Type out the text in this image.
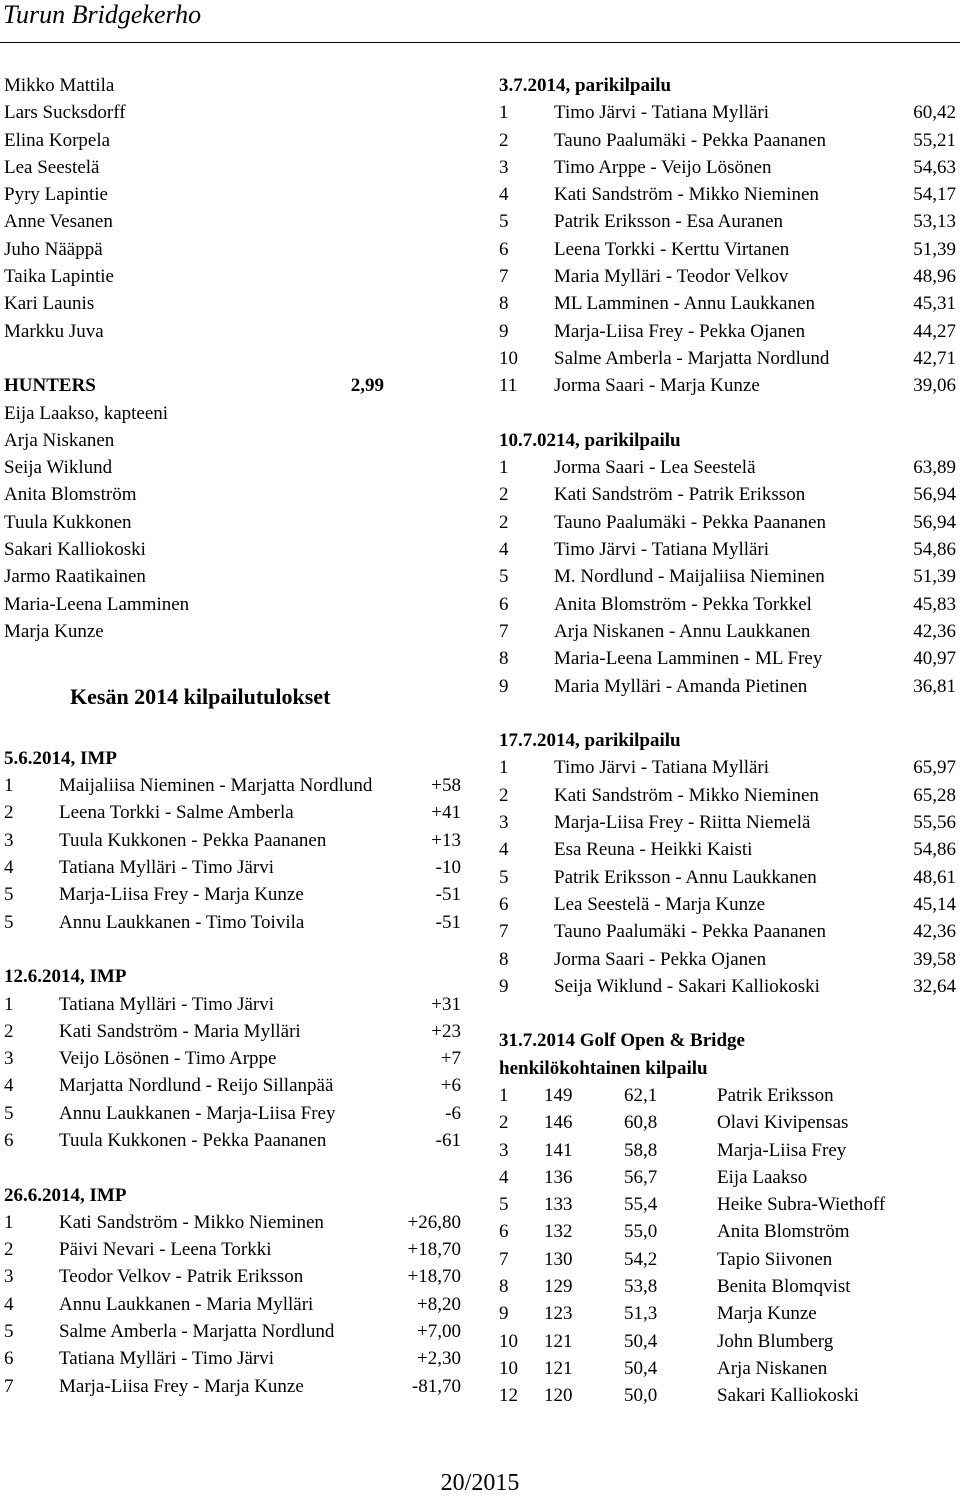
Turun Bridgekerho
Mikko Mattila
Lars Sucksdorff
Elina Korpela
Lea Seestelä
Pyry Lapintie
Anne Vesanen
Juho Nääppä
Taika Lapintie
Kari Launis
Markku Juva
HUNTERS	2,99
Eija Laakso, kapteeni
Arja Niskanen
Seija Wiklund
Anita Blomström
Tuula Kukkonen
Sakari Kalliokoski
Jarmo Raatikainen
Maria-Leena Lamminen
Marja Kunze
Kesän 2014 kilpailutulokset
5.6.2014, IMP
1 Maijaliisa Nieminen - Marjatta Nordlund	+58
2 Leena Torkki - Salme Amberla	+41
3 Tuula Kukkonen - Pekka Paananen	+13
4 Tatiana Mylläri - Timo Järvi	-10
5 Marja-Liisa Frey - Marja Kunze	-51
5 Annu Laukkanen - Timo Toivila	-51
12.6.2014, IMP
1 Tatiana Mylläri - Timo Järvi	+31
2 Kati Sandström - Maria Mylläri	+23
3 Veijo Lösönen - Timo Arppe	+7
4 Marjatta Nordlund - Reijo Sillanpää	+6
5 Annu Laukkanen - Marja-Liisa Frey	-6
6 Tuula Kukkonen - Pekka Paananen	-61
26.6.2014, IMP
1 Kati Sandström - Mikko Nieminen	+26,80
2 Päivi Nevari - Leena Torkki	+18,70
3 Teodor Velkov - Patrik Eriksson	+18,70
4 Annu Laukkanen - Maria Mylläri	+8,20
5 Salme Amberla - Marjatta Nordlund	+7,00
6 Tatiana Mylläri - Timo Järvi	+2,30
7 Marja-Liisa Frey - Marja Kunze	-81,70
3.7.2014, parikilpailu
1 Timo Järvi - Tatiana Mylläri	60,42
2 Tauno Paalumäki - Pekka Paananen	55,21
3 Timo Arppe - Veijo Lösönen	54,63
4 Kati Sandström - Mikko Nieminen	54,17
5 Patrik Eriksson - Esa Auranen	53,13
6 Leena Torkki - Kerttu Virtanen	51,39
7 Maria Mylläri - Teodor Velkov	48,96
8 ML Lamminen - Annu Laukkanen	45,31
9 Marja-Liisa Frey - Pekka Ojanen	44,27
10 Salme Amberla - Marjatta Nordlund	42,71
11 Jorma Saari - Marja Kunze	39,06
10.7.0214, parikilpailu
1 Jorma Saari - Lea Seestelä	63,89
2 Kati Sandström - Patrik Eriksson	56,94
2 Tauno Paalumäki - Pekka Paananen	56,94
4 Timo Järvi - Tatiana Mylläri	54,86
5 M. Nordlund - Maijaliisa Nieminen	51,39
6 Anita Blomström - Pekka Torkkel	45,83
7 Arja Niskanen - Annu Laukkanen	42,36
8 Maria-Leena Lamminen - ML Frey	40,97
9 Maria Mylläri - Amanda Pietinen	36,81
17.7.2014, parikilpailu
1 Timo Järvi - Tatiana Mylläri	65,97
2 Kati Sandström - Mikko Nieminen	65,28
3 Marja-Liisa Frey - Riitta Niemelä	55,56
4 Esa Reuna - Heikki Kaisti	54,86
5 Patrik Eriksson - Annu Laukkanen	48,61
6 Lea Seestelä - Marja Kunze	45,14
7 Tauno Paalumäki - Pekka Paananen	42,36
8 Jorma Saari - Pekka Ojanen	39,58
9 Seija Wiklund - Sakari Kalliokoski	32,64
31.7.2014 Golf Open & Bridge
henkilökohtainen kilpailu
1 149	62,1	Patrik Eriksson
2 146	60,8	Olavi Kivipensas
3 141	58,8	Marja-Liisa Frey
4 136	56,7	Eija Laakso
5 133	55,4	Heike Subra-Wiethoff
6 132	55,0	Anita Blomström
7 130	54,2	Tapio Siivonen
8 129	53,8	Benita Blomqvist
9 123	51,3	Marja Kunze
10 121	50,4	John Blumberg
10 121	50,4	Arja Niskanen
12 120	50,0	Sakari Kalliokoski
20/2015
